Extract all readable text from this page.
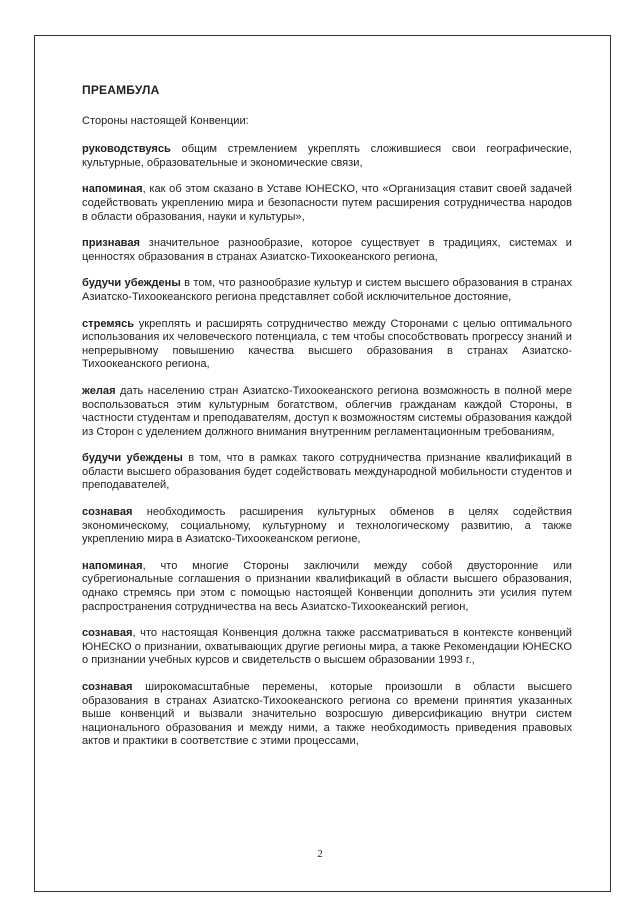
ПРЕАМБУЛА
Стороны настоящей Конвенции:

руководствуясь общим стремлением укреплять сложившиеся свои географические, культурные, образовательные и экономические связи,

напоминая, как об этом сказано в Уставе ЮНЕСКО, что «Организация ставит своей задачей содействовать укреплению мира и безопасности путем расширения сотрудничества народов в области образования, науки и культуры»,

признавая значительное разнообразие, которое существует в традициях, системах и ценностях образования в странах Азиатско-Тихоокеанского региона,

будучи убеждены в том, что разнообразие культур и систем высшего образования в странах Азиатско-Тихоокеанского региона представляет собой исключительное достояние,

стремясь укреплять и расширять сотрудничество между Сторонами с целью оптимального использования их человеческого потенциала, с тем чтобы способствовать прогрессу знаний и непрерывному повышению качества высшего образования в странах Азиатско-Тихоокеанского региона,

желая дать населению стран Азиатско-Тихоокеанского региона возможность в полной мере воспользоваться этим культурным богатством, облегчив гражданам каждой Стороны, в частности студентам и преподавателям, доступ к возможностям системы образования каждой из Сторон с уделением должного внимания внутренним регламентационным требованиям,

будучи убеждены в том, что в рамках такого сотрудничества признание квалификаций в области высшего образования будет содействовать международной мобильности студентов и преподавателей,

сознавая необходимость расширения культурных обменов в целях содействия экономическому, социальному, культурному и технологическому развитию, а также укреплению мира в Азиатско-Тихоокеанском регионе,

напоминая, что многие Стороны заключили между собой двусторонние или субрегиональные соглашения о признании квалификаций в области высшего образования, однако стремясь при этом с помощью настоящей Конвенции дополнить эти усилия путем распространения сотрудничества на весь Азиатско-Тихоокеанский регион,

сознавая, что настоящая Конвенция должна также рассматриваться в контексте конвенций ЮНЕСКО о признании, охватывающих другие регионы мира, а также Рекомендации ЮНЕСКО о признании учебных курсов и свидетельств о высшем образовании 1993 г.,

сознавая широкомасштабные перемены, которые произошли в области высшего образования в странах Азиатско-Тихоокеанского региона со времени принятия указанных выше конвенций и вызвали значительно возросшую диверсификацию внутри систем национального образования и между ними, а также необходимость приведения правовых актов и практики в соответствие с этими процессами,

2
